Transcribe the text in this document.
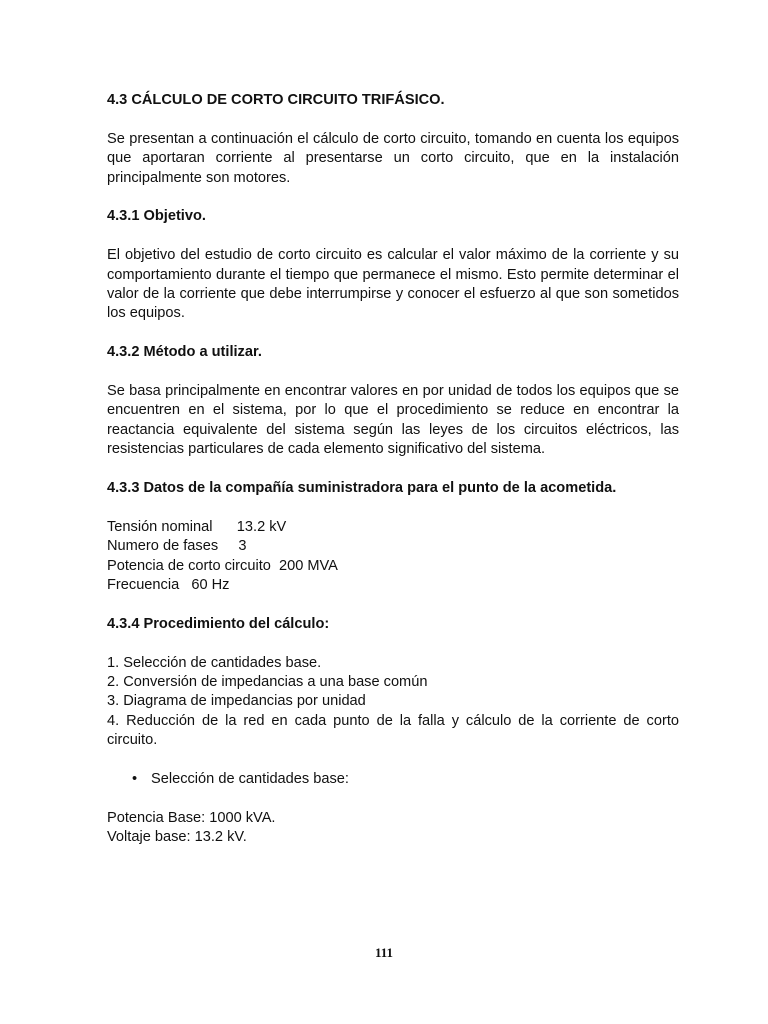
4.3 CÁLCULO DE CORTO CIRCUITO TRIFÁSICO.

Se presentan a continuación el cálculo de corto circuito, tomando en cuenta los equipos que aportaran corriente al presentarse un corto circuito, que en la instalación principalmente son motores.

4.3.1 Objetivo.

El objetivo del estudio de corto circuito es calcular el valor máximo de la corriente y su comportamiento durante el tiempo que permanece el mismo. Esto permite determinar el valor de la corriente que debe interrumpirse y conocer el esfuerzo al que son sometidos los equipos.

4.3.2 Método a utilizar.

Se basa principalmente en encontrar valores en por unidad de todos los equipos que se encuentren en el sistema, por lo que el procedimiento se reduce en encontrar la reactancia equivalente del sistema según las leyes de los circuitos eléctricos, las resistencias particulares de cada elemento significativo del sistema.

4.3.3 Datos de la compañía suministradora para el punto de la acometida.

Tensión nominal      13.2 kV
Numero de fases     3
Potencia de corto circuito  200 MVA
Frecuencia   60 Hz

4.3.4 Procedimiento del cálculo:

1. Selección de cantidades base.

2. Conversión de impedancias a una base común

3. Diagrama de impedancias por unidad

4. Reducción de la red en cada punto de la falla y cálculo de la corriente de corto circuito.

• Selección de cantidades base:

Potencia Base: 1000 kVA.

Voltaje base: 13.2 kV.

111
